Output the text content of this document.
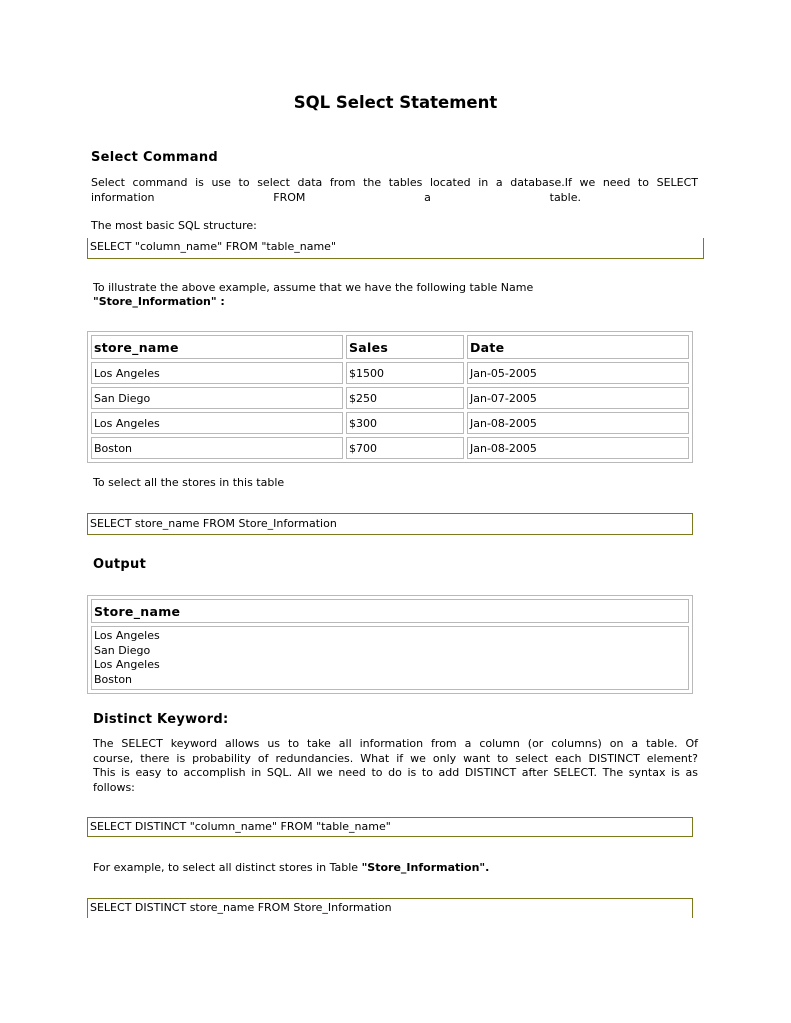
SQL Select Statement
Select Command
Select command is use to select data from the tables located in a database.If we need to SELECT
information	FROM	a	table.
The most basic SQL structure:
SELECT "column_name" FROM "table_name"
To illustrate the above example, assume that we have the following table Name
"Store_Information" :
store_name	Sales	Date
Los Angeles	$1500	Jan-05-2005
San Diego	$250	Jan-07-2005
Los Angeles	$300	Jan-08-2005
Boston	$700	Jan-08-2005
To select all the stores in this table
SELECT store_name FROM Store_Information
Output
Store_name

Los Angeles
San Diego
Los Angeles
Boston
Distinct Keyword:
The SELECT keyword allows us to take all information from a column (or columns) on a table. Of
course, there is probability of redundancies. What if we only want to select each DISTINCT element?
This is easy to accomplish in SQL. All we need to do is to add DISTINCT after SELECT. The syntax is as
follows:
SELECT DISTINCT "column_name" FROM "table_name"
For example, to select all distinct stores in Table "Store_Information".
SELECT DISTINCT store_name FROM Store_Information
